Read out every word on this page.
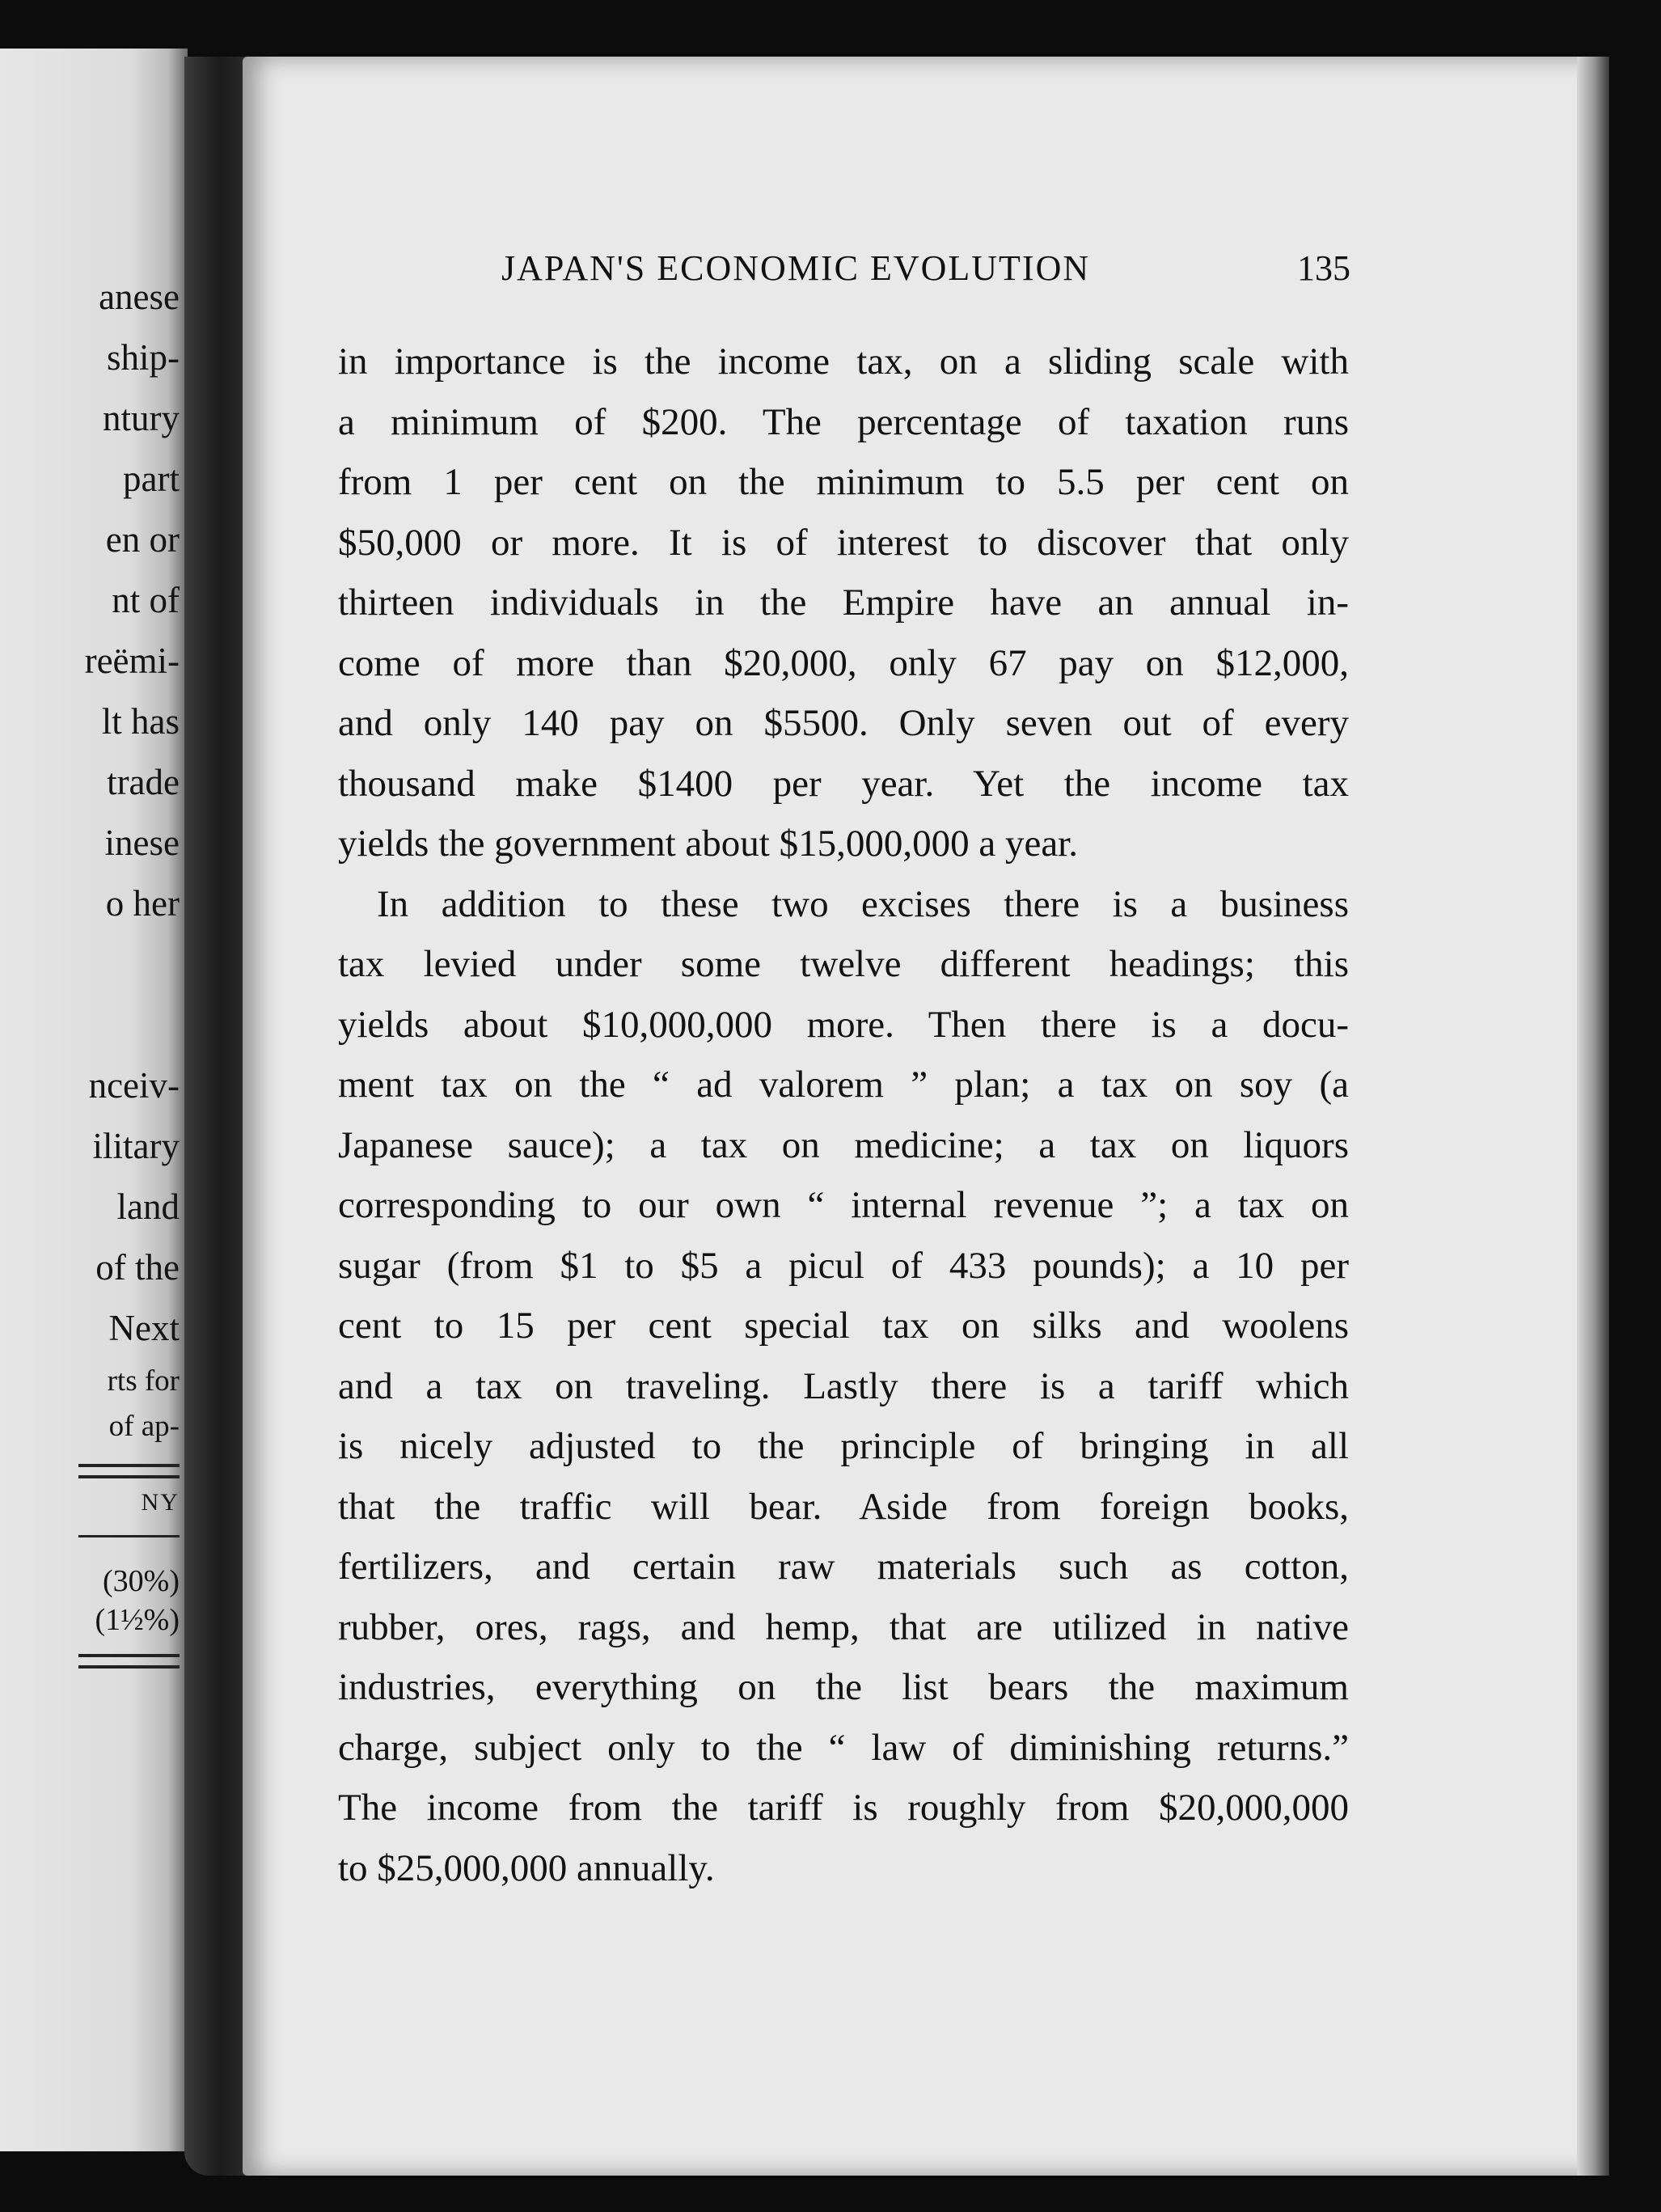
anese
ship-
ntury
part
en or
nt of
reëmi-
lt has
trade
inese
o her
nceiv-
ilitary
land
of the
Next
rts for
of ap-
NY
(30%)
(1½%)
JAPAN'S ECONOMIC EVOLUTION	135
in importance is the income tax, on a sliding scale with
a minimum of $200. The percentage of taxation runs
from 1 per cent on the minimum to 5.5 per cent on
$50,000 or more. It is of interest to discover that only
thirteen individuals in the Empire have an annual in-
come of more than $20,000, only 67 pay on $12,000,
and only 140 pay on $5500. Only seven out of every
thousand make $1400 per year. Yet the income tax
yields the government about $15,000,000 a year.
In addition to these two excises there is a business
tax levied under some twelve different headings; this
yields about $10,000,000 more. Then there is a docu-
ment tax on the “ ad valorem ” plan; a tax on soy (a
Japanese sauce); a tax on medicine; a tax on liquors
corresponding to our own “ internal revenue ”; a tax on
sugar (from $1 to $5 a picul of 433 pounds); a 10 per
cent to 15 per cent special tax on silks and woolens
and a tax on traveling. Lastly there is a tariff which
is nicely adjusted to the principle of bringing in all
that the traffic will bear. Aside from foreign books,
fertilizers, and certain raw materials such as cotton,
rubber, ores, rags, and hemp, that are utilized in native
industries, everything on the list bears the maximum
charge, subject only to the “ law of diminishing returns.”
The income from the tariff is roughly from $20,000,000
to $25,000,000 annually.
